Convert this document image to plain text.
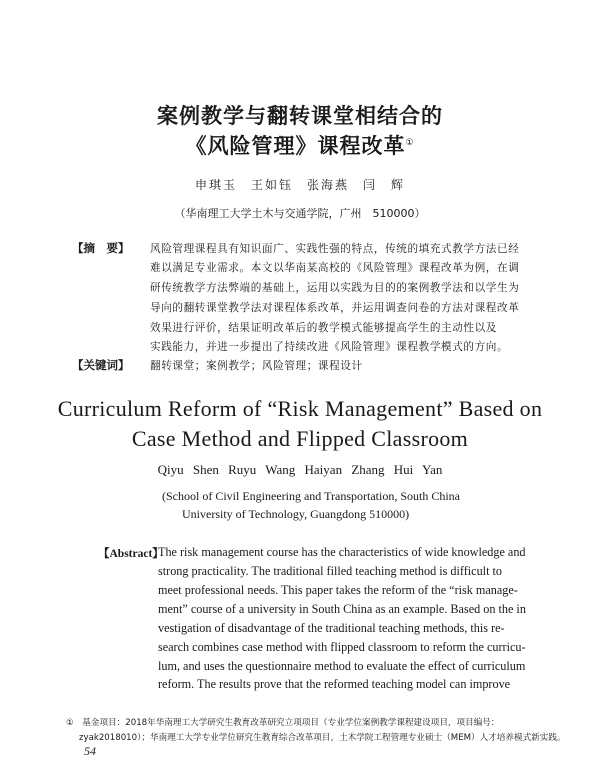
案例教学与翻转课堂相结合的
《风险管理》课程改革①
申琪玉　王如钰　张海燕　闫　辉
（华南理工大学土木与交通学院，广州　510000）
【摘　要】 风险管理课程具有知识面广、实践性强的特点，传统的填充式教学方法已经
难以满足专业需求。本文以华南某高校的《风险管理》课程改革为例，在调
研传统教学方法弊端的基础上，运用以实践为目的的案例教学法和以学生为
导向的翻转课堂教学法对课程体系改革，并运用调查问卷的方法对课程改革
效果进行评价，结果证明改革后的教学模式能够提高学生的主动性以及
实践能力，并进一步提出了持续改进《风险管理》课程教学模式的方向。
【关键词】 翻转课堂；案例教学；风险管理；课程设计
Curriculum Reform of “Risk Management” Based on
Case Method and Flipped Classroom
Qiyu Shen Ruyu Wang Haiyan Zhang Hui Yan
(School of Civil Engineering and Transportation, South China
University of Technology, Guangdong 510000)
【Abstract】
The risk management course has the characteristics of wide knowledge and
strong practicality. The traditional filled teaching method is difficult to
meet professional needs. This paper takes the reform of the “risk manage-
ment” course of a university in South China as an example. Based on the in
vestigation of disadvantage of the traditional teaching methods, this re-
search combines case method with flipped classroom to reform the curricu-
lum, and uses the questionnaire method to evaluate the effect of curriculum
reform. The results prove that the reformed teaching model can improve
①　基金项目：2018年华南理工大学研究生教育改革研究立项项目（专业学位案例教学课程建设项目，项目编号：
zyak2018010）；华南理工大学专业学位研究生教育综合改革项目，土木学院工程管理专业硕士（MEM）人才培养模式新实践。
54
